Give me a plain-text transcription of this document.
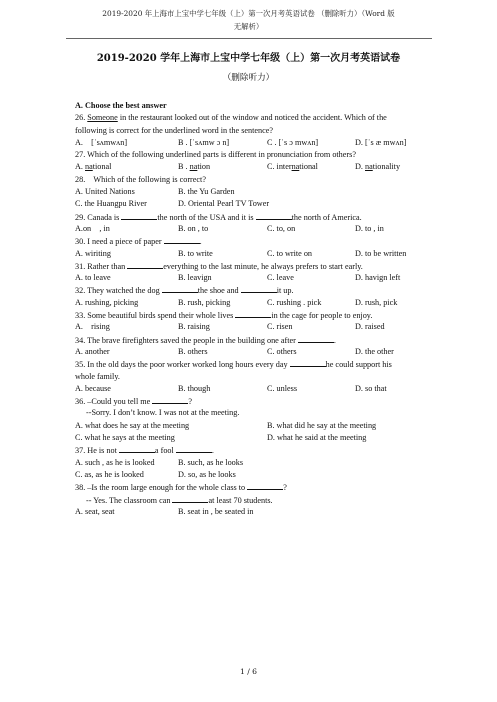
2019-2020 年上海市上宝中学七年级（上）第一次月考英语试卷 （删除听力）（Word 版
无解析）
2019-2020 学年上海市上宝中学七年级（上）第一次月考英语试卷
（删除听力）
A. Choose the best answer
26. Someone in the restaurant looked out of the window and noticed the accident. Which of the
following is correct for the underlined word in the sentence?
A.　[ˈsʌmwʌn]	B . [ˈsʌmw ɔ n]	C . [ˈs ɔ mwʌn]	D. [ˈs æ mwʌn]
27. Which of the following underlined parts is different in pronunciation from others?
A. national	B . nation	C. international	D. nationality
28.　Which of the following is correct?
A. United Nations	B. the Yu Garden
C. the Huangpu River	D. Oriental Pearl TV Tower
29. Canada is	the north of the USA and it is	the north of America.
A.on　, in	B. on , to	C. to, on	D. to , in
30. I need a piece of paper	.
A. wiriting	B. to write	C. to write on	D. to be written
31. Rather than	everything to the last minute, he always prefers to start early.
A. to leave	B. leavign	C. leave	D. havign left
32. They watched the dog	the shoe and	it up.
A. rushing, picking	B. rush, picking	C. rushing . pick	D. rush, pick
33. Some beautiful birds spend their whole lives	in the cage for people to enjoy.
A.　rising	B. raising	C. risen	D. raised
34. The brave firefighters saved the people in the building one after	.
A. another	B. others	C. others	D. the other
35. In the old days the poor worker worked long hours every day	he could support his
whole family.
A. because	B. though	C. unless	D. so that
36. –Could you tell me	?
--Sorry. I don’t know. I was not at the meeting.
A. what does he say at the meeting	B. what did he say at the meeting
C. what he says at the meeting	D. what he said at the meeting
37. He is not	a fool	.
A. such , as he is looked	B. such, as he looks
C. as, as he is looked	D. so, as he looks
38. –Is the room large enough for the whole class to	?
-- Yes. The classroom can	at least 70 students.
A. seat, seat	B. seat in , be seated in
1 / 6
